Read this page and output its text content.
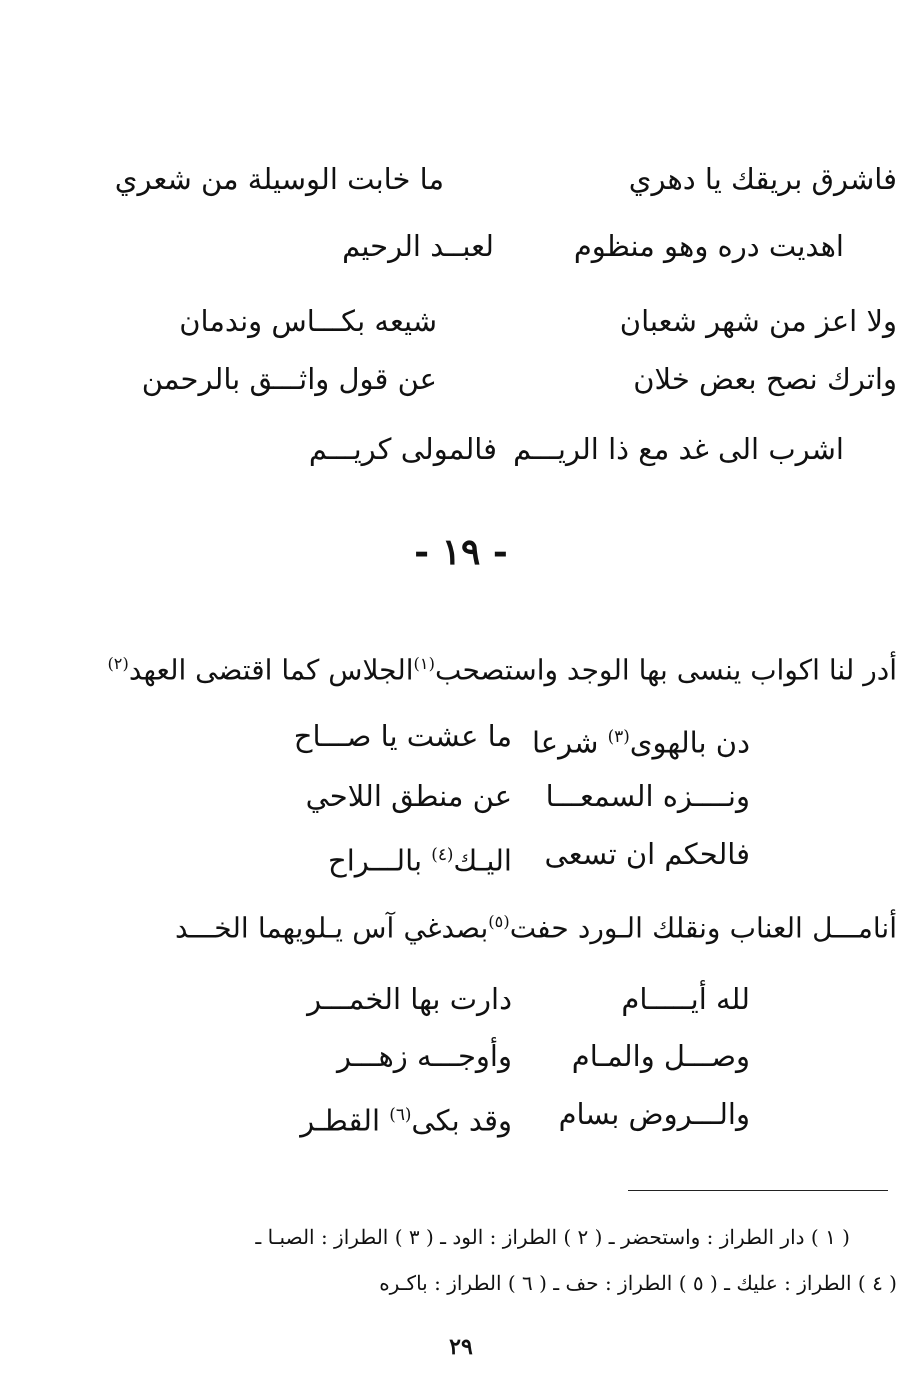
فاشرق بريقك يا دهري
ما خابت الوسيلة من شعري
اهديت دره وهو منظوم
لعبــد الرحيم
ولا اعز من شهر شعبان
شيعه بكـــاس وندمان
واترك نصح بعض خلان
عن قول واثـــق بالرحمن
اشرب الى غد مع ذا الريـــم
فالمولى كريـــم
- ١٩ -
أدر لنا اكواب ينسى بها الوجد واستصحب$^{(١)}$الجلاس كما اقتضى العهد$^{(٢)}$
دن بالهوى$^{(٣)}$ شرعا
ما عشت يا صـــاح
ونــــزه السمعـــا
عن منطق اللاحي
فالحكم ان تسعى
اليـك$^{(٤)}$ بالـــراح
أنامـــل العناب ونقلك الـورد حفت$^{(٥)}$بصدغي آس يـلويهما الخـــد
لله أيـــــام
دارت بها الخمـــر
وصـــل والمـام
وأوجـــه زهـــر
والـــروض بسام
وقد بكى$^{(٦)}$ القطـر
( ١ ) دار الطراز : واستحضر ـ ( ٢ ) الطراز : الود ـ ( ٣ ) الطراز : الصبـا ـ
( ٤ ) الطراز : عليك ـ ( ٥ ) الطراز : حف ـ ( ٦ ) الطراز : باكـره
٢٩
